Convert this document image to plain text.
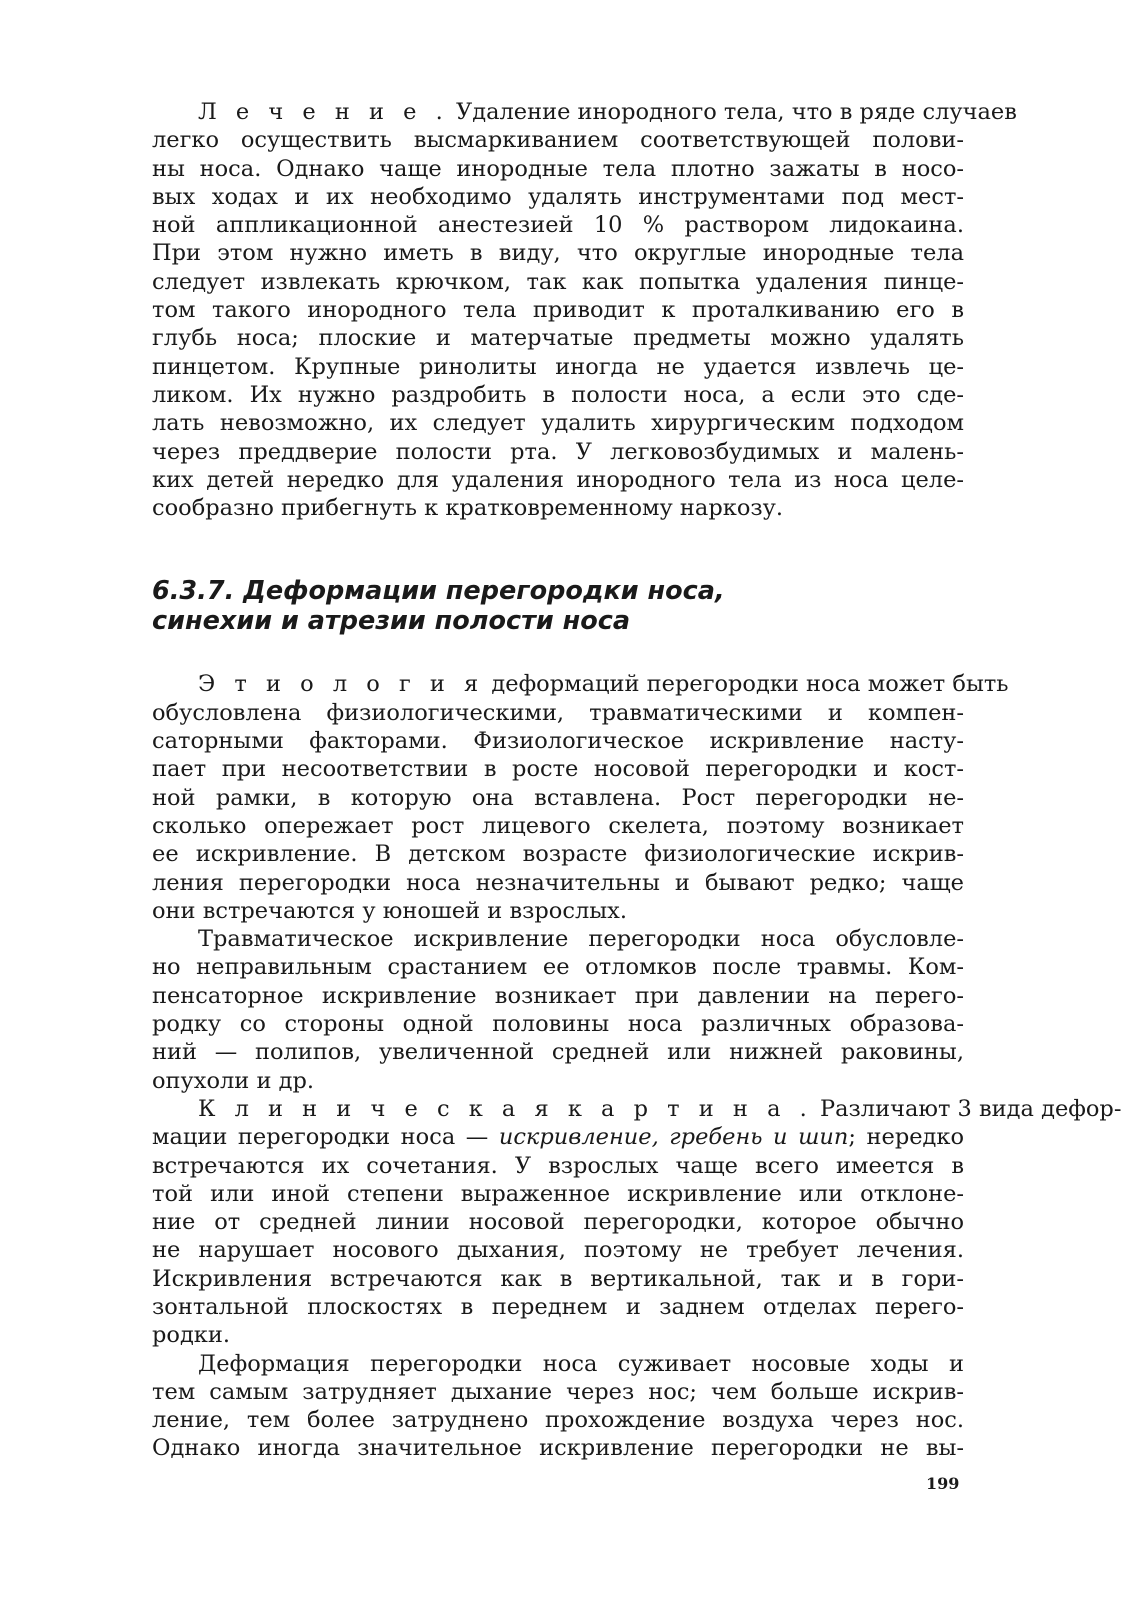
Л е ч е н и е . Удаление инородного тела, что в ряде случаев
легко осуществить высмаркиванием соответствующей полови-
ны носа. Однако чаще инородные тела плотно зажаты в носо-
вых ходах и их необходимо удалять инструментами под мест-
ной аппликационной анестезией 10 % раствором лидокаина.
При этом нужно иметь в виду, что округлые инородные тела
следует извлекать крючком, так как попытка удаления пинце-
том такого инородного тела приводит к проталкиванию его в
глубь носа; плоские и матерчатые предметы можно удалять
пинцетом. Крупные ринолиты иногда не удается извлечь це-
ликом. Их нужно раздробить в полости носа, а если это сде-
лать невозможно, их следует удалить хирургическим подходом
через преддверие полости рта. У легковозбудимых и малень-
ких детей нередко для удаления инородного тела из носа целе-
сообразно прибегнуть к кратковременному наркозу.
6.3.7. Деформации перегородки носа,
синехии и атрезии полости носа
Э т и о л о г и я деформаций перегородки носа может быть
обусловлена физиологическими, травматическими и компен-
саторными факторами. Физиологическое искривление насту-
пает при несоответствии в росте носовой перегородки и кост-
ной рамки, в которую она вставлена. Рост перегородки не-
сколько опережает рост лицевого скелета, поэтому возникает
ее искривление. В детском возрасте физиологические искрив-
ления перегородки носа незначительны и бывают редко; чаще
они встречаются у юношей и взрослых.
Травматическое искривление перегородки носа обусловле-
но неправильным срастанием ее отломков после травмы. Ком-
пенсаторное искривление возникает при давлении на перего-
родку со стороны одной половины носа различных образова-
ний — полипов, увеличенной средней или нижней раковины,
опухоли и др.
К л и н и ч е с к а я к а р т и н а . Различают 3 вида дефор-
мации перегородки носа — искривление, гребень и шип; нередко
встречаются их сочетания. У взрослых чаще всего имеется в
той или иной степени выраженное искривление или отклоне-
ние от средней линии носовой перегородки, которое обычно
не нарушает носового дыхания, поэтому не требует лечения.
Искривления встречаются как в вертикальной, так и в гори-
зонтальной плоскостях в переднем и заднем отделах перего-
родки.
Деформация перегородки носа суживает носовые ходы и
тем самым затрудняет дыхание через нос; чем больше искрив-
ление, тем более затруднено прохождение воздуха через нос.
Однако иногда значительное искривление перегородки не вы-
199
